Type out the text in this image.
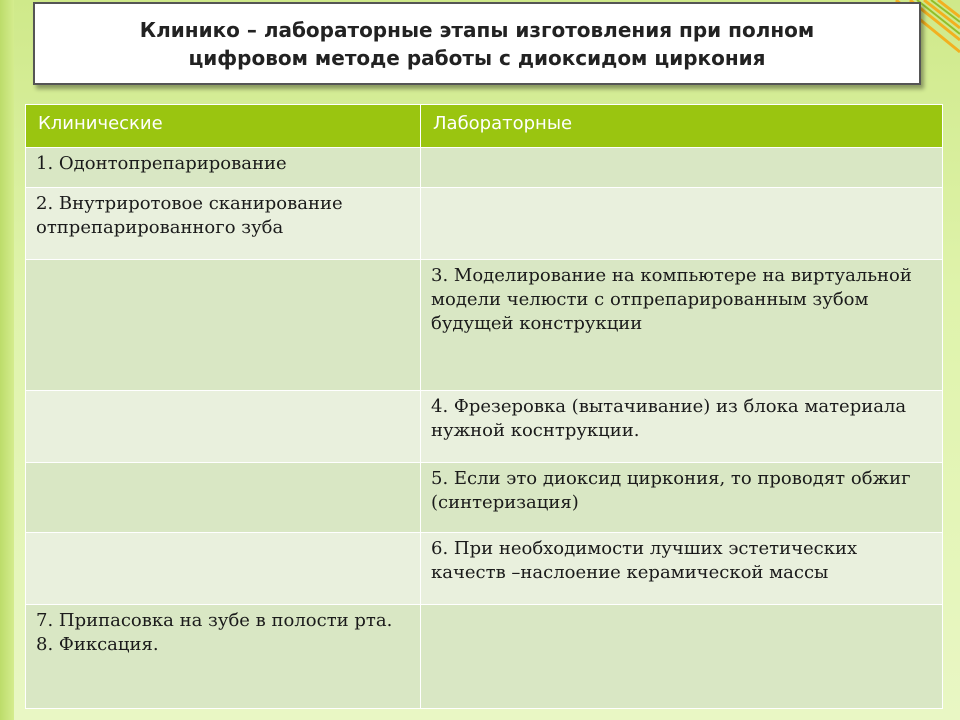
Клинико – лабораторные этапы изготовления при полном
цифровом методе работы с диоксидом циркония
Клинические	Лабораторные
1. Одонтопрепарирование	
2. Внутриротовое сканирование отпрепарированного зуба	
	3. Моделирование на компьютере на виртуальной модели челюсти с отпрепарированным зубом будущей конструкции
	4. Фрезеровка (вытачивание) из блока материала нужной коснтрукции.
	5. Если это диоксид циркония, то проводят обжиг (синтеризация)
	6. При необходимости лучших эстетических качеств –наслоение керамической массы
7. Припасовка на зубе в полости рта.
8. Фиксация.	
